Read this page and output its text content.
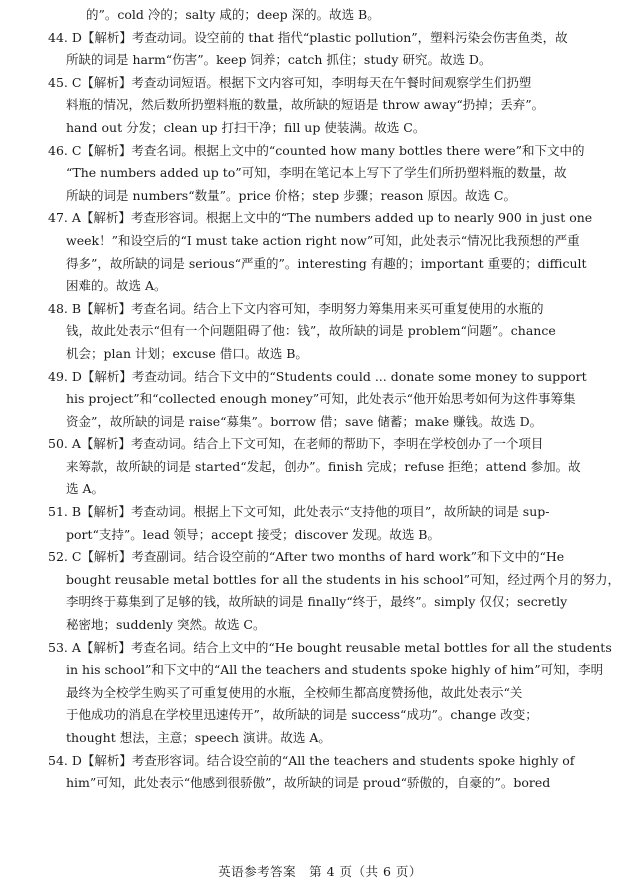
的”。cold 冷的；salty 咸的；deep 深的。故选 B。

44. D【解析】考查动词。设空前的 that 指代“plastic pollution”，塑料污染会伤害鱼类，故
所缺的词是 harm“伤害”。keep 饲养；catch 抓住；study 研究。故选 D。
45. C【解析】考查动词短语。根据下文内容可知，李明每天在午餐时间观察学生们扔塑
料瓶的情况，然后数所扔塑料瓶的数量，故所缺的短语是 throw away“扔掉；丢弃”。
hand out 分发；clean up 打扫干净；fill up 使装满。故选 C。
46. C【解析】考查名词。根据上文中的“counted how many bottles there were”和下文中的
“The numbers added up to”可知，李明在笔记本上写下了学生们所扔塑料瓶的数量，故
所缺的词是 numbers“数量”。price 价格；step 步骤；reason 原因。故选 C。
47. A【解析】考查形容词。根据上文中的“The numbers added up to nearly 900 in just one
week！”和设空后的“I must take action right now”可知，此处表示“情况比我预想的严重
得多”，故所缺的词是 serious“严重的”。interesting 有趣的；important 重要的；difficult
困难的。故选 A。
48. B【解析】考查名词。结合上下文内容可知，李明努力筹集用来买可重复使用的水瓶的
钱，故此处表示“但有一个问题阻碍了他：钱”，故所缺的词是 problem“问题”。chance
机会；plan 计划；excuse 借口。故选 B。
49. D【解析】考查动词。结合下文中的“Students could ... donate some money to support
his project”和“collected enough money”可知，此处表示“他开始思考如何为这件事筹集
资金”，故所缺的词是 raise“募集”。borrow 借；save 储蓄；make 赚钱。故选 D。
50. A【解析】考查动词。结合上下文可知，在老师的帮助下，李明在学校创办了一个项目
来筹款，故所缺的词是 started“发起，创办”。finish 完成；refuse 拒绝；attend 参加。故
选 A。
51. B【解析】考查动词。根据上下文可知，此处表示“支持他的项目”，故所缺的词是 sup-
port“支持”。lead 领导；accept 接受；discover 发现。故选 B。
52. C【解析】考查副词。结合设空前的“After two months of hard work”和下文中的“He
bought reusable metal bottles for all the students in his school”可知，经过两个月的努力，
李明终于募集到了足够的钱，故所缺的词是 finally“终于，最终”。simply 仅仅；secretly
秘密地；suddenly 突然。故选 C。
53. A【解析】考查名词。结合上文中的“He bought reusable metal bottles for all the students
in his school”和下文中的“All the teachers and students spoke highly of him”可知，李明
最终为全校学生购买了可重复使用的水瓶，全校师生都高度赞扬他，故此处表示“关
于他成功的消息在学校里迅速传开”，故所缺的词是 success“成功”。change 改变；
thought 想法，主意；speech 演讲。故选 A。
54. D【解析】考查形容词。结合设空前的“All the teachers and students spoke highly of
him”可知，此处表示“他感到很骄傲”，故所缺的词是 proud“骄傲的，自豪的”。bored
英语参考答案　第 4 页（共 6 页）
